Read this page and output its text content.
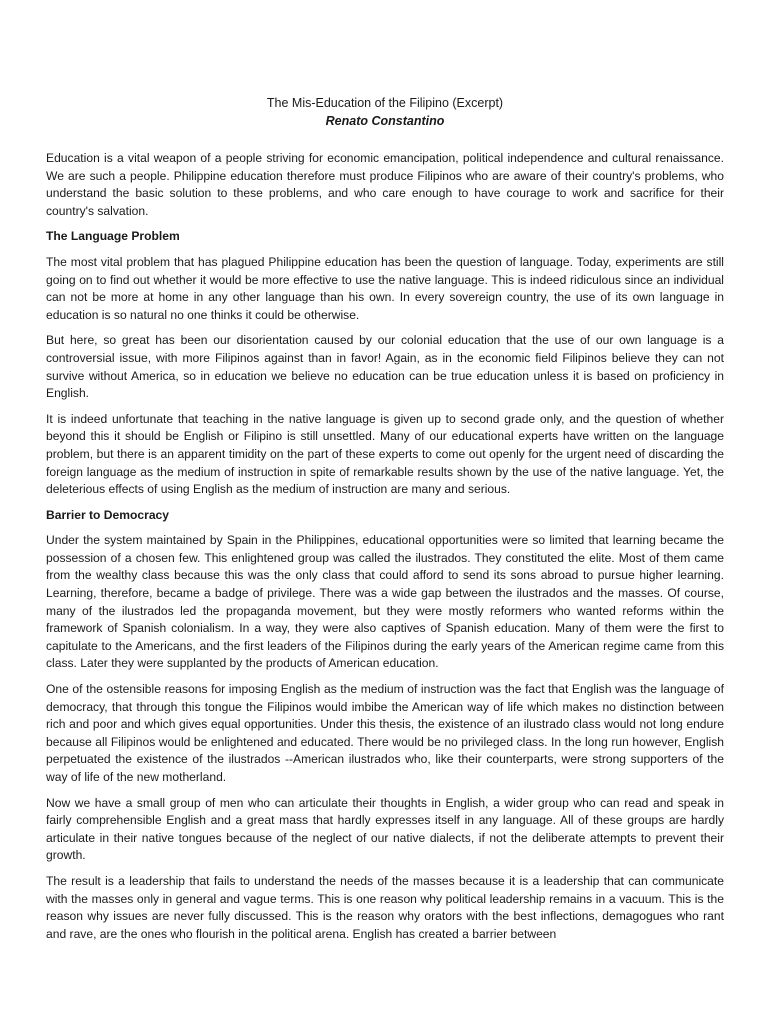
The Mis-Education of the Filipino (Excerpt)

Renato Constantino

Education is a vital weapon of a people striving for economic emancipation, political independence and cultural renaissance. We are such a people. Philippine education therefore must produce Filipinos who are aware of their country's problems, who understand the basic solution to these problems, and who care enough to have courage to work and sacrifice for their country's salvation.

The Language Problem

The most vital problem that has plagued Philippine education has been the question of language. Today, experiments are still going on to find out whether it would be more effective to use the native language. This is indeed ridiculous since an individual can not be more at home in any other language than his own. In every sovereign country, the use of its own language in education is so natural no one thinks it could be otherwise.

But here, so great has been our disorientation caused by our colonial education that the use of our own language is a controversial issue, with more Filipinos against than in favor! Again, as in the economic field Filipinos believe they can not survive without America, so in education we believe no education can be true education unless it is based on proficiency in English.

It is indeed unfortunate that teaching in the native language is given up to second grade only, and the question of whether beyond this it should be English or Filipino is still unsettled. Many of our educational experts have written on the language problem, but there is an apparent timidity on the part of these experts to come out openly for the urgent need of discarding the foreign language as the medium of instruction in spite of remarkable results shown by the use of the native language. Yet, the deleterious effects of using English as the medium of instruction are many and serious.

Barrier to Democracy

Under the system maintained by Spain in the Philippines, educational opportunities were so limited that learning became the possession of a chosen few. This enlightened group was called the ilustrados. They constituted the elite. Most of them came from the wealthy class because this was the only class that could afford to send its sons abroad to pursue higher learning. Learning, therefore, became a badge of privilege. There was a wide gap between the ilustrados and the masses. Of course, many of the ilustrados led the propaganda movement, but they were mostly reformers who wanted reforms within the framework of Spanish colonialism. In a way, they were also captives of Spanish education. Many of them were the first to capitulate to the Americans, and the first leaders of the Filipinos during the early years of the American regime came from this class. Later they were supplanted by the products of American education.

One of the ostensible reasons for imposing English as the medium of instruction was the fact that English was the language of democracy, that through this tongue the Filipinos would imbibe the American way of life which makes no distinction between rich and poor and which gives equal opportunities. Under this thesis, the existence of an ilustrado class would not long endure because all Filipinos would be enlightened and educated. There would be no privileged class. In the long run however, English perpetuated the existence of the ilustrados --American ilustrados who, like their counterparts, were strong supporters of the way of life of the new motherland.

Now we have a small group of men who can articulate their thoughts in English, a wider group who can read and speak in fairly comprehensible English and a great mass that hardly expresses itself in any language. All of these groups are hardly articulate in their native tongues because of the neglect of our native dialects, if not the deliberate attempts to prevent their growth.

The result is a leadership that fails to understand the needs of the masses because it is a leadership that can communicate with the masses only in general and vague terms. This is one reason why political leadership remains in a vacuum. This is the reason why issues are never fully discussed. This is the reason why orators with the best inflections, demagogues who rant and rave, are the ones who flourish in the political arena. English has created a barrier between
